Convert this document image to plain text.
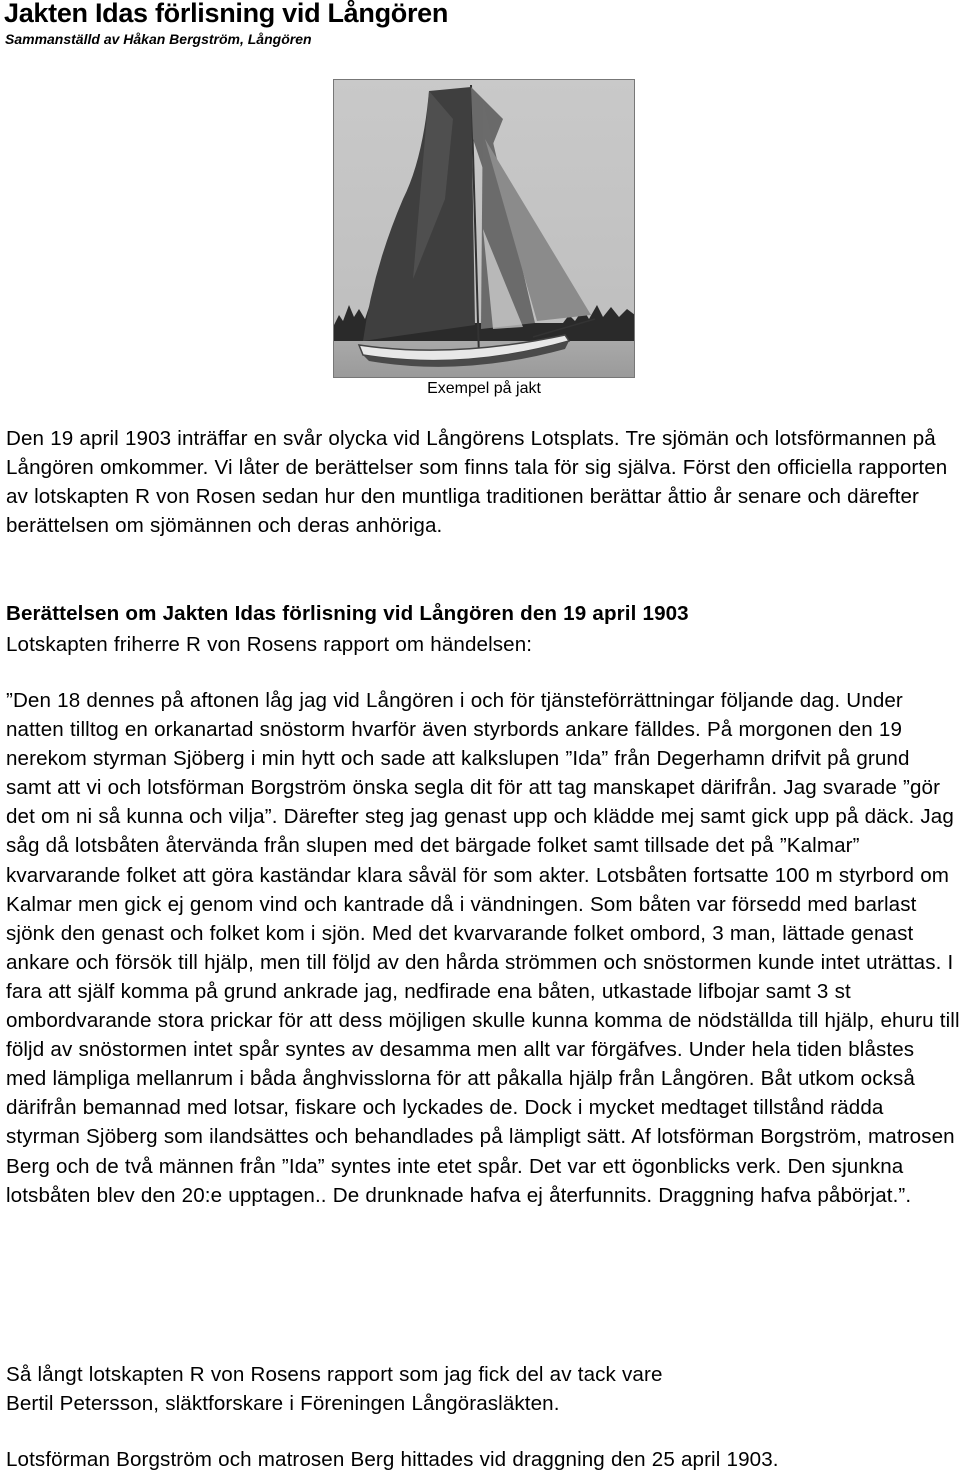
Jakten Idas förlisning vid Långören
Sammanställd av Håkan Bergström, Långören
Exempel på jakt

Den 19 april 1903 inträffar en svår olycka vid Långörens Lotsplats. Tre sjömän och lotsförmannen på Långören omkommer. Vi låter de berättelser som finns tala för sig själva. Först den officiella rapporten av lotskapten R von Rosen sedan hur den muntliga traditionen berättar åttio år senare och därefter berättelsen om sjömännen och deras anhöriga.

Berättelsen om Jakten Idas förlisning vid Långören den 19 april 1903

Lotskapten friherre R von Rosens rapport om händelsen:

”Den 18 dennes på aftonen låg jag vid Långören i och för tjänsteförrättningar följande dag. Under natten tilltog en orkanartad snöstorm hvarför även styrbords ankare fälldes. På morgonen den 19 nerekom styrman Sjöberg i min hytt och sade att kalkslupen ”Ida” från Degerhamn drifvit på grund samt att vi och lotsförman Borgström önska segla dit för att tag manskapet därifrån. Jag svarade ”gör det om ni så kunna och vilja”. Därefter steg jag genast upp och klädde mej samt gick upp på däck. Jag såg då lotsbåten återvända från slupen med det bärgade folket samt tillsade det på ”Kalmar” kvarvarande folket att göra kaständar klara såväl för som akter. Lotsbåten fortsatte 100 m styrbord om Kalmar men gick ej genom vind och kantrade då i vändningen. Som båten var försedd med barlast sjönk den genast och folket kom i sjön. Med det kvarvarande folket ombord, 3 man, lättade genast ankare och försök till hjälp, men till följd av den hårda strömmen och snöstormen kunde intet uträttas. I fara att själf komma på grund ankrade jag, nedfirade ena båten, utkastade lifbojar samt 3 st ombordvarande stora prickar för att dess möjligen skulle kunna komma de nödställda till hjälp, ehuru till följd av snöstormen intet spår syntes av desamma men allt var förgäfves. Under hela tiden blåstes med lämpliga mellanrum i båda ånghvisslorna för att påkalla hjälp från Långören. Båt utkom också därifrån bemannad med lotsar, fiskare och lyckades de. Dock i mycket medtaget tillstånd rädda styrman Sjöberg som ilandsättes och behandlades på lämpligt sätt. Af lotsförman Borgström, matrosen Berg och de två männen från ”Ida” syntes inte etet spår. Det var ett ögonblicks verk. Den sjunkna lotsbåten blev den 20:e upptagen.. De drunknade hafva ej återfunnits. Draggning hafva påbörjat.”.

Så långt lotskapten R von Rosens rapport som jag fick del av tack vare
Bertil Petersson, släktforskare i Föreningen Långörasläkten.

Lotsförman Borgström och matrosen Berg hittades vid draggning den 25 april 1903.
